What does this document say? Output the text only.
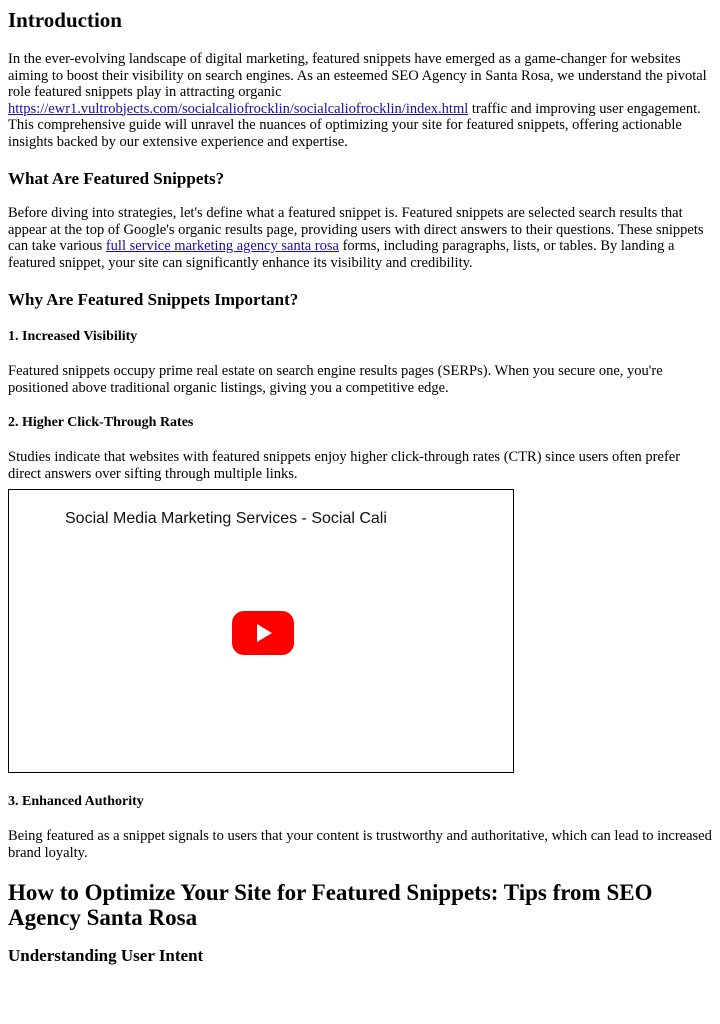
Introduction

In the ever-evolving landscape of digital marketing, featured snippets have emerged as a game-changer for websites aiming to boost their visibility on search engines. As an esteemed SEO Agency in Santa Rosa, we understand the pivotal role featured snippets play in attracting organic https://ewr1.vultrobjects.com/socialcaliofrocklin/socialcaliofrocklin/index.html traffic and improving user engagement. This comprehensive guide will unravel the nuances of optimizing your site for featured snippets, offering actionable insights backed by our extensive experience and expertise.

What Are Featured Snippets?

Before diving into strategies, let's define what a featured snippet is. Featured snippets are selected search results that appear at the top of Google's organic results page, providing users with direct answers to their questions. These snippets can take various full service marketing agency santa rosa forms, including paragraphs, lists, or tables. By landing a featured snippet, your site can significantly enhance its visibility and credibility.

Why Are Featured Snippets Important?
1. Increased Visibility

Featured snippets occupy prime real estate on search engine results pages (SERPs). When you secure one, you're positioned above traditional organic listings, giving you a competitive edge.

2. Higher Click-Through Rates

Studies indicate that websites with featured snippets enjoy higher click-through rates (CTR) since users often prefer direct answers over sifting through multiple links.

Social Media Marketing Services - Social Cali
3. Enhanced Authority

Being featured as a snippet signals to users that your content is trustworthy and authoritative, which can lead to increased brand loyalty.

How to Optimize Your Site for Featured Snippets: Tips from SEO Agency Santa Rosa
Understanding User Intent
